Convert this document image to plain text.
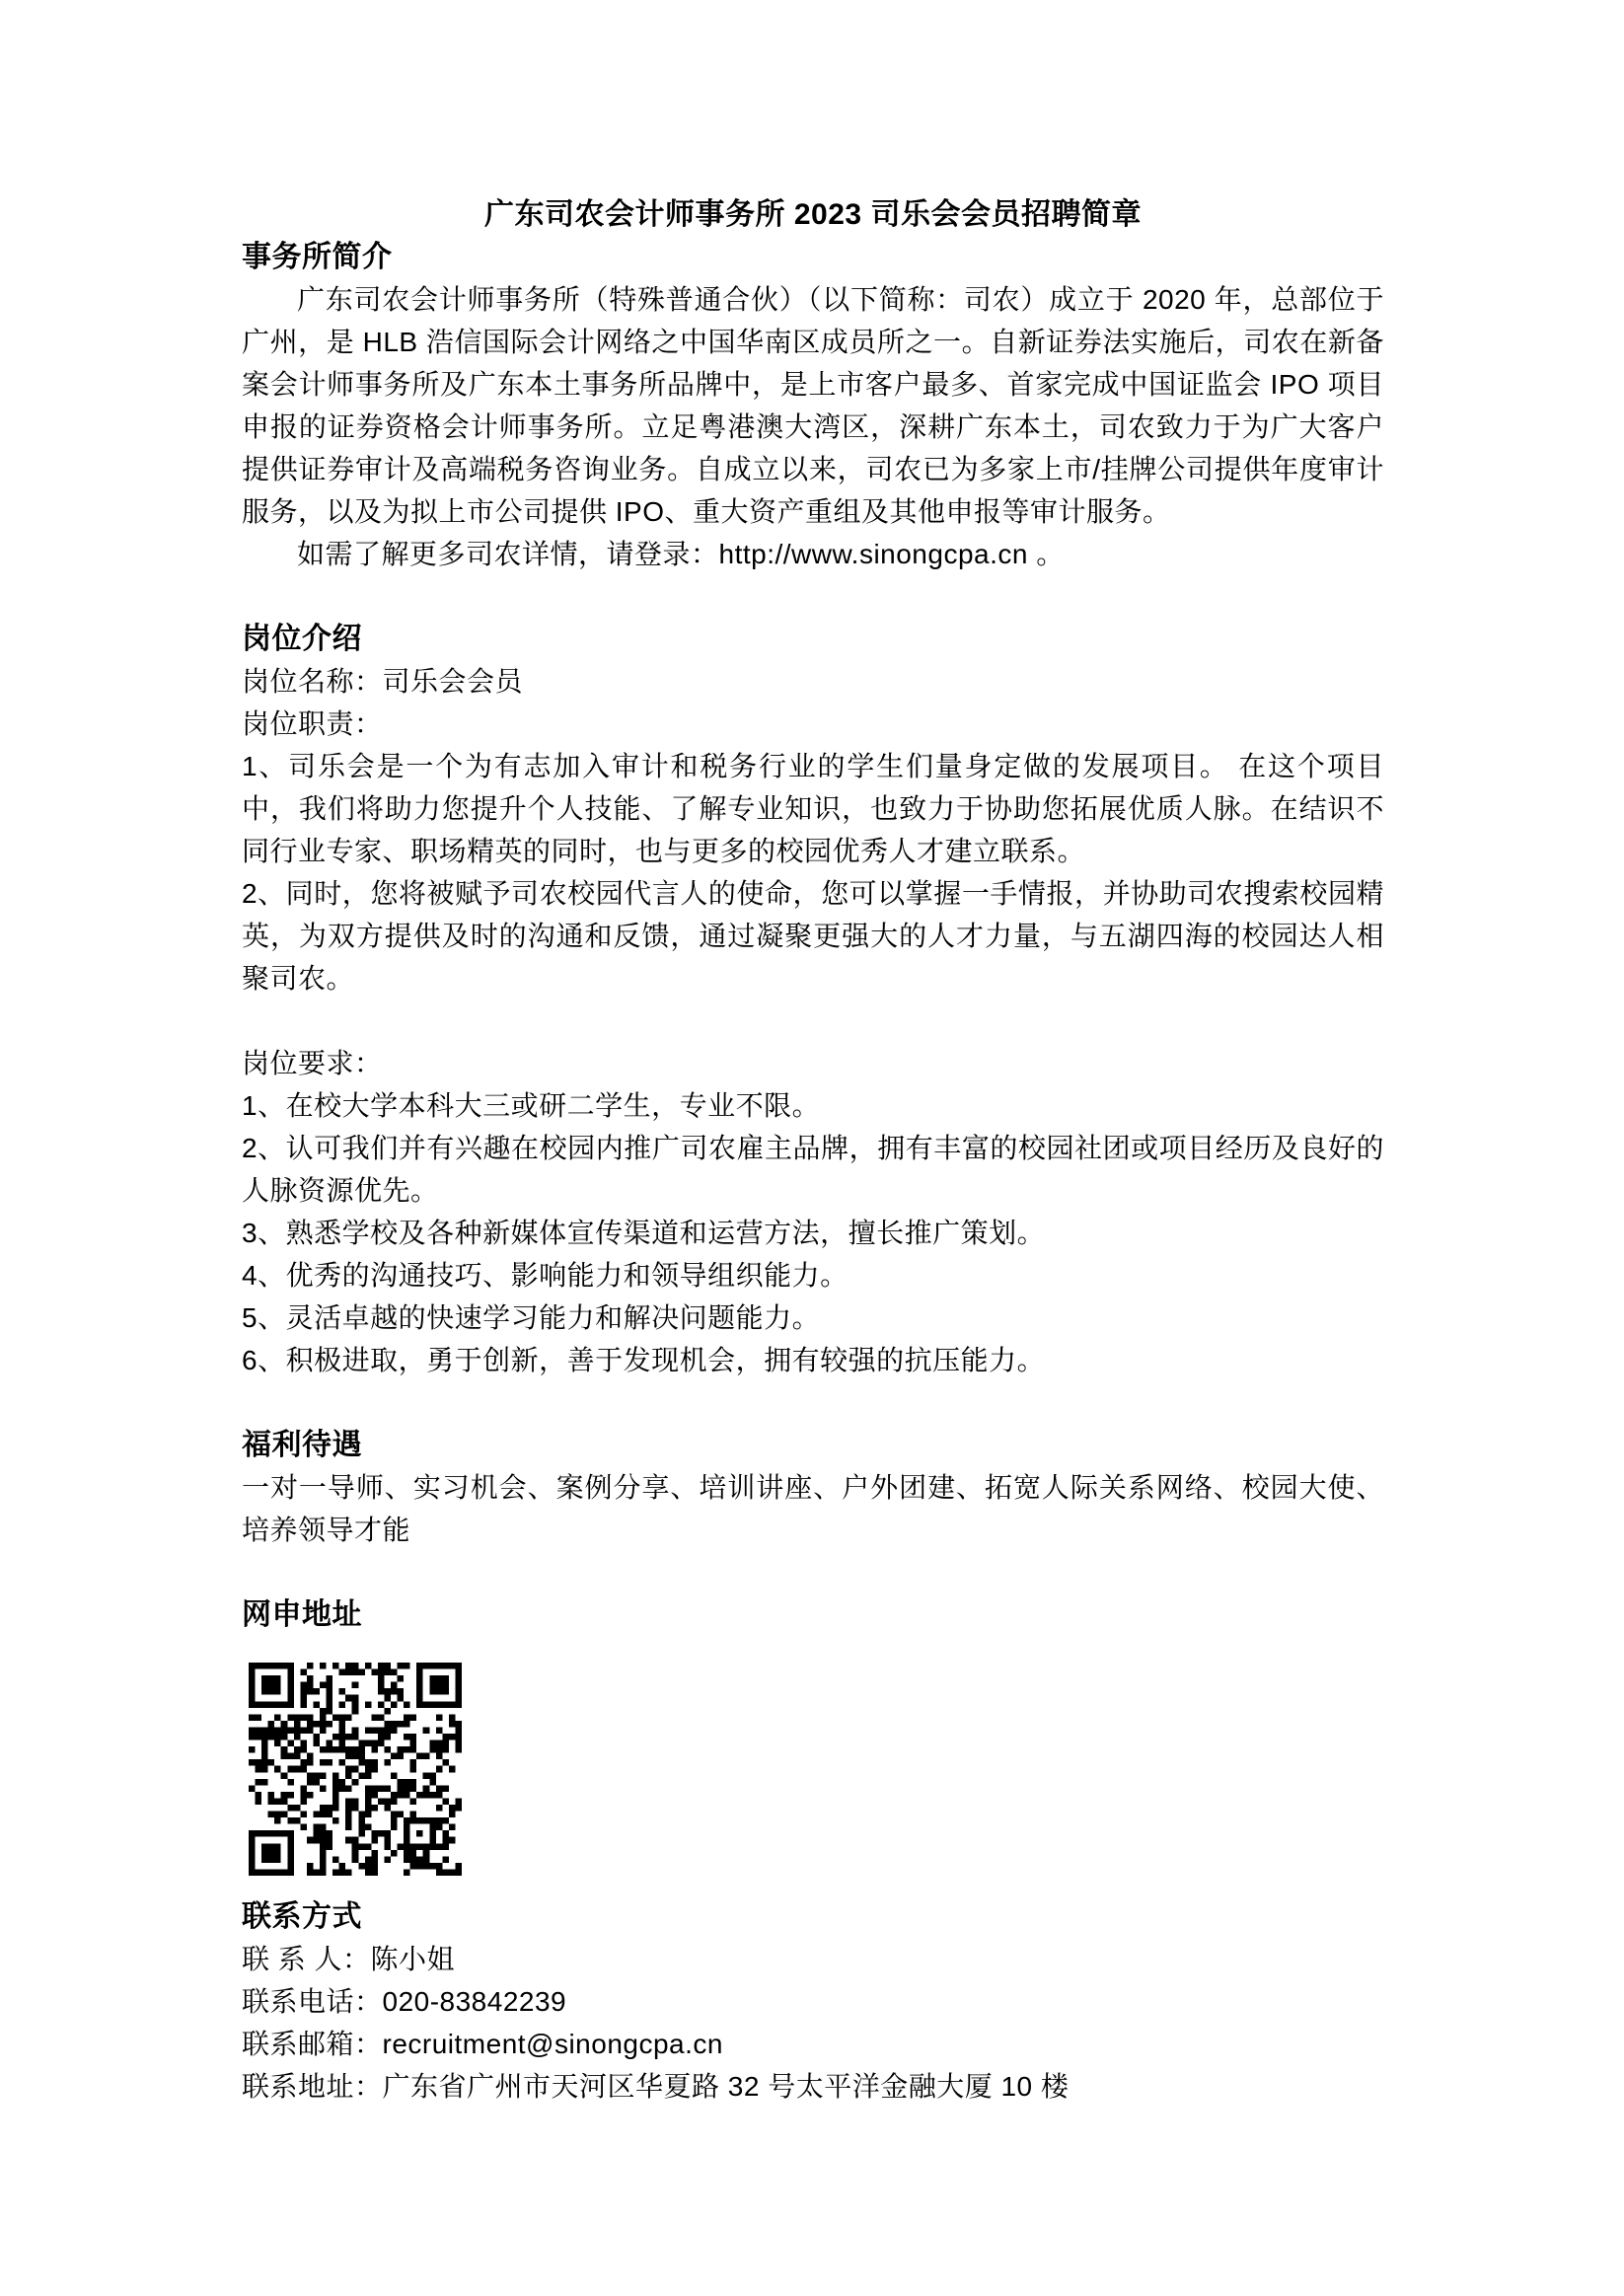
广东司农会计师事务所 2023 司乐会会员招聘简章
事务所简介

广东司农会计师事务所（特殊普通合伙）（以下简称：司农）成立于 2020 年，总部位于广州，是 HLB 浩信国际会计网络之中国华南区成员所之一。自新证券法实施后，司农在新备案会计师事务所及广东本土事务所品牌中，是上市客户最多、首家完成中国证监会 IPO 项目申报的证券资格会计师事务所。立足粤港澳大湾区，深耕广东本土，司农致力于为广大客户提供证券审计及高端税务咨询业务。自成立以来，司农已为多家上市/挂牌公司提供年度审计服务，以及为拟上市公司提供 IPO、重大资产重组及其他申报等审计服务。

如需了解更多司农详情，请登录：http://www.sinongcpa.cn 。

岗位介绍

岗位名称：司乐会会员

岗位职责：

1、司乐会是一个为有志加入审计和税务行业的学生们量身定做的发展项目。 在这个项目中，我们将助力您提升个人技能、了解专业知识，也致力于协助您拓展优质人脉。在结识不同行业专家、职场精英的同时，也与更多的校园优秀人才建立联系。

2、同时，您将被赋予司农校园代言人的使命，您可以掌握一手情报，并协助司农搜索校园精英，为双方提供及时的沟通和反馈，通过凝聚更强大的人才力量，与五湖四海的校园达人相聚司农。

岗位要求：

1、在校大学本科大三或研二学生，专业不限。

2、认可我们并有兴趣在校园内推广司农雇主品牌，拥有丰富的校园社团或项目经历及良好的人脉资源优先。

3、熟悉学校及各种新媒体宣传渠道和运营方法，擅长推广策划。

4、优秀的沟通技巧、影响能力和领导组织能力。

5、灵活卓越的快速学习能力和解决问题能力。

6、积极进取，勇于创新，善于发现机会，拥有较强的抗压能力。

福利待遇

一对一导师、实习机会、案例分享、培训讲座、户外团建、拓宽人际关系网络、校园大使、培养领导才能

网申地址
联系方式

联 系 人：陈小姐

联系电话：020-83842239

联系邮箱：recruitment@sinongcpa.cn

联系地址：广东省广州市天河区华夏路 32 号太平洋金融大厦 10 楼
